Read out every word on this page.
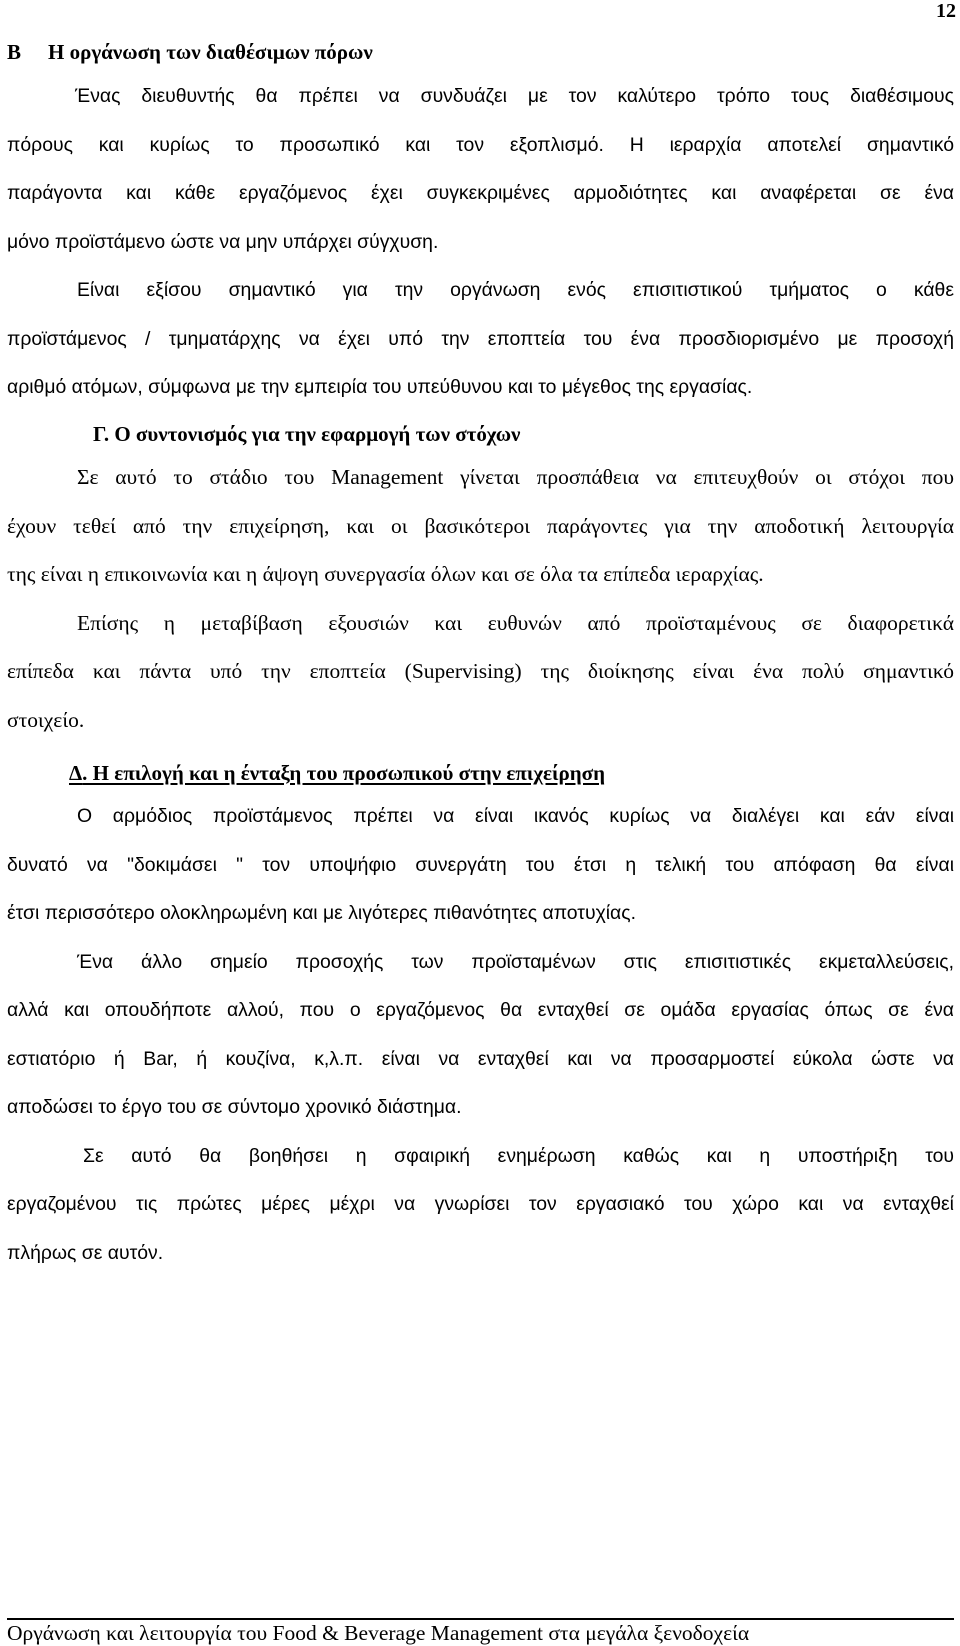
12
B Η οργάνωση των διαθέσιμων πόρων
Ένας διευθυντής θα πρέπει να συνδυάζει με τον καλύτερο τρόπο τους διαθέσιμους
πόρους και κυρίως το προσωπικό και τον εξοπλισμό. Η ιεραρχία αποτελεί σημαντικό
παράγοντα και κάθε εργαζόμενος έχει συγκεκριμένες αρμοδιότητες και αναφέρεται σε ένα
μόνο προϊστάμενο ώστε να μην υπάρχει σύγχυση.
Είναι εξίσου σημαντικό για την οργάνωση ενός επισιτιστικού τμήματος ο κάθε
προϊστάμενος / τμηματάρχης να έχει υπό την εποπτεία του ένα προσδιορισμένο με προσοχή
αριθμό ατόμων, σύμφωνα με την εμπειρία του υπεύθυνου και το μέγεθος της εργασίας.
Γ. Ο συντονισμός για την εφαρμογή των στόχων
Σε αυτό το στάδιο του Management γίνεται προσπάθεια να επιτευχθούν οι στόχοι που
έχουν τεθεί από την επιχείρηση, και οι βασικότεροι παράγοντες για την αποδοτική λειτουργία
της είναι η επικοινωνία και η άψογη συνεργασία όλων και σε όλα τα επίπεδα ιεραρχίας.
Επίσης η μεταβίβαση εξουσιών και ευθυνών από προϊσταμένους σε διαφορετικά
επίπεδα και πάντα υπό την εποπτεία (Supervising) της διοίκησης είναι ένα πολύ σημαντικό
στοιχείο.
Δ. Η επιλογή και η ένταξη του προσωπικού στην επιχείρηση
Ο αρμόδιος προϊστάμενος πρέπει να είναι ικανός κυρίως να διαλέγει και εάν είναι
δυνατό να "δοκιμάσει " τον υποψήφιο συνεργάτη του έτσι η τελική του απόφαση θα είναι
έτσι περισσότερο ολοκληρωμένη και με λιγότερες πιθανότητες αποτυχίας.
Ένα άλλο σημείο προσοχής των προϊσταμένων στις επισιτιστικές εκμεταλλεύσεις,
αλλά και οπουδήποτε αλλού, που ο εργαζόμενος θα ενταχθεί σε ομάδα εργασίας όπως σε ένα
εστιατόριο ή Bar, ή κουζίνα, κ,λ.π. είναι να ενταχθεί και να προσαρμοστεί εύκολα ώστε να
αποδώσει το έργο του σε σύντομο χρονικό διάστημα.
Σε αυτό θα βοηθήσει η σφαιρική ενημέρωση καθώς και η υποστήριξη του
εργαζομένου τις πρώτες μέρες μέχρι να γνωρίσει τον εργασιακό του χώρο και να ενταχθεί
πλήρως σε αυτόν.
Οργάνωση και λειτουργία του Food & Beverage Management στα μεγάλα ξενοδοχεία
